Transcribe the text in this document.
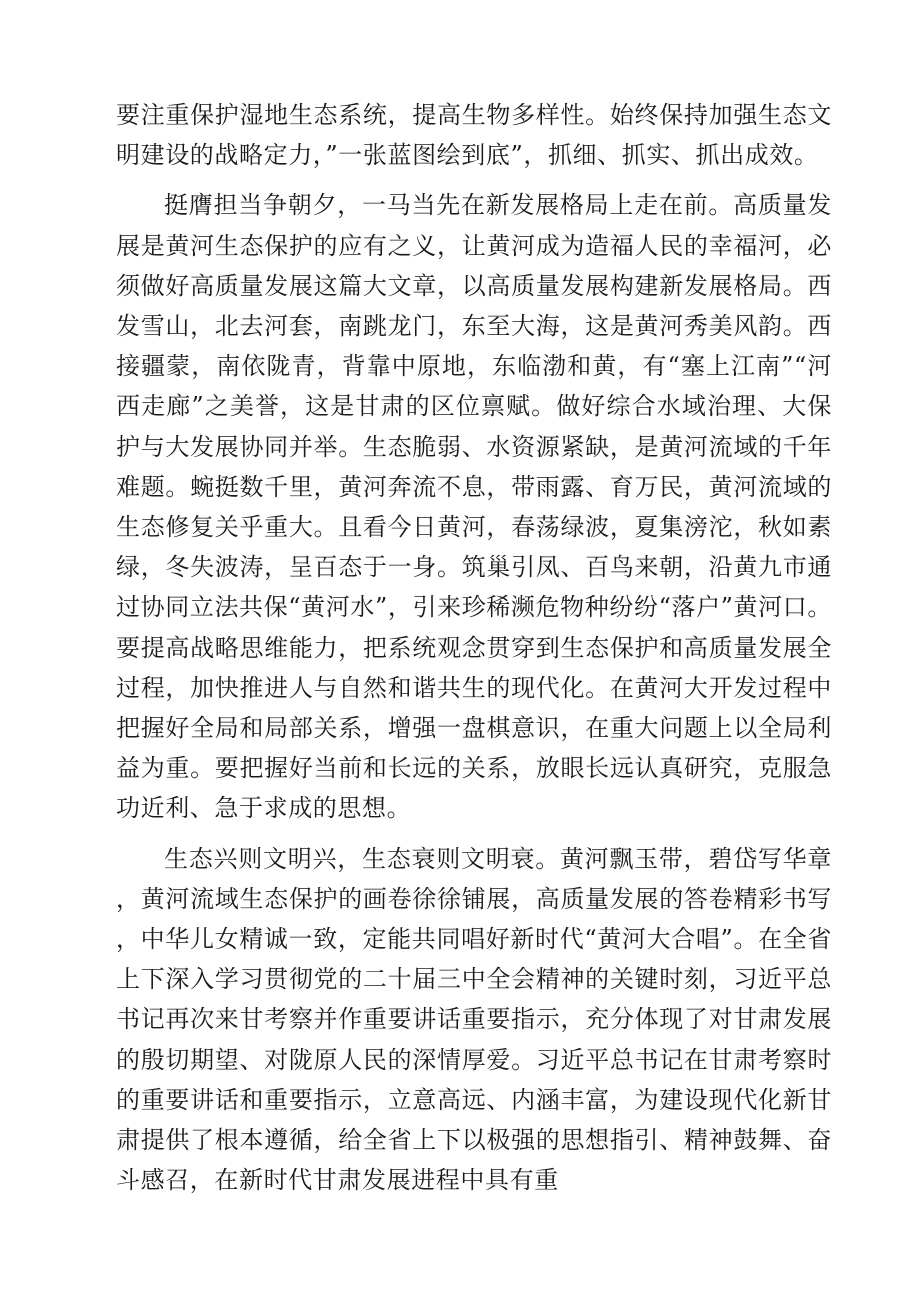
要注重保护湿地生态系统，提高生物多样性。始终保持加强生态文明建设的战略定力，”一张蓝图绘到底”，抓细、抓实、抓出成效。

挺膺担当争朝夕，一马当先在新发展格局上走在前。高质量发展是黄河生态保护的应有之义，让黄河成为造福人民的幸福河，必须做好高质量发展这篇大文章，以高质量发展构建新发展格局。西发雪山，北去河套，南跳龙门，东至大海，这是黄河秀美风韵。西接疆蒙，南依陇青，背靠中原地，东临渤和黄，有“塞上江南”“河西走廊”之美誉，这是甘肃的区位禀赋。做好综合水域治理、大保护与大发展协同并举。生态脆弱、水资源紧缺，是黄河流域的千年难题。蜿挺数千里，黄河奔流不息，带雨露、育万民，黄河流域的生态修复关乎重大。且看今日黄河，春荡绿波，夏集滂沱，秋如素绿，冬失波涛，呈百态于一身。筑巢引凤、百鸟来朝，沿黄九市通过协同立法共保“黄河水”，引来珍稀濒危物种纷纷“落户”黄河口。要提高战略思维能力，把系统观念贯穿到生态保护和高质量发展全过程，加快推进人与自然和谐共生的现代化。在黄河大开发过程中把握好全局和局部关系，增强一盘棋意识，在重大问题上以全局利益为重。要把握好当前和长远的关系，放眼长远认真研究，克服急功近利、急于求成的思想。

生态兴则文明兴，生态衰则文明衰。黄河飘玉带，碧岱写华章，黄河流域生态保护的画卷徐徐铺展，高质量发展的答卷精彩书写，中华儿女精诚一致，定能共同唱好新时代“黄河大合唱”。在全省上下深入学习贯彻党的二十届三中全会精神的关键时刻，习近平总书记再次来甘考察并作重要讲话重要指示，充分体现了对甘肃发展的殷切期望、对陇原人民的深情厚爱。习近平总书记在甘肃考察时的重要讲话和重要指示，立意高远、内涵丰富，为建设现代化新甘肃提供了根本遵循，给全省上下以极强的思想指引、精神鼓舞、奋斗感召，在新时代甘肃发展进程中具有重
